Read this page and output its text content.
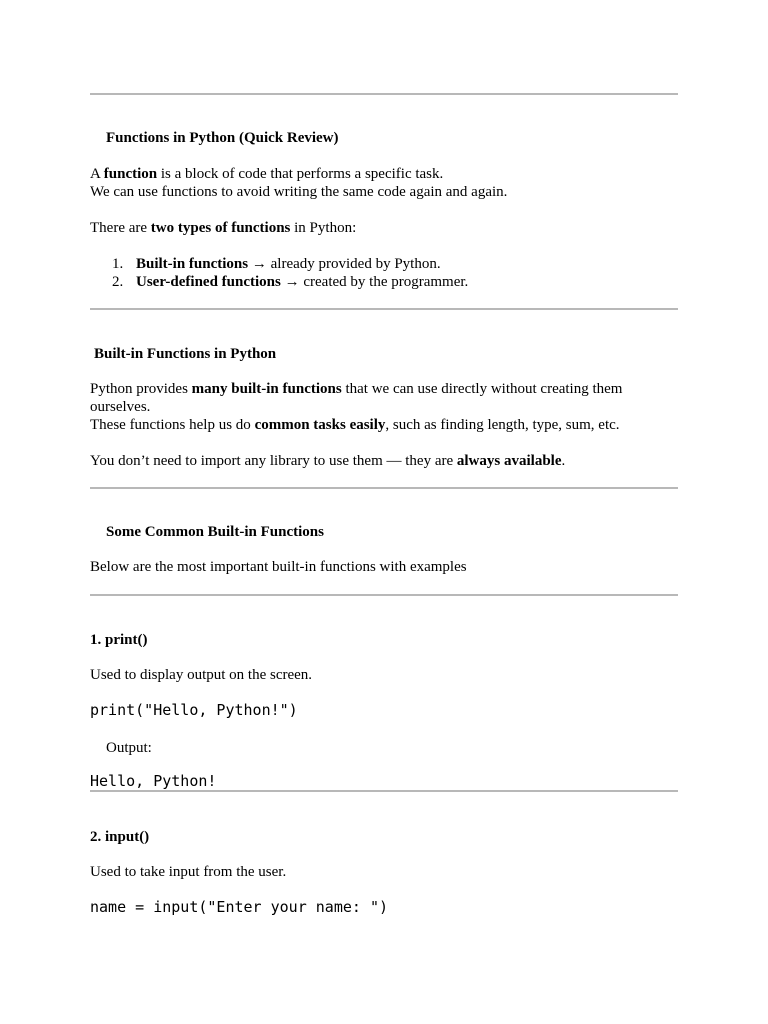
Functions in Python (Quick Review)
A function is a block of code that performs a specific task.
We can use functions to avoid writing the same code again and again.
There are two types of functions in Python:
1. Built-in functions → already provided by Python.
2. User-defined functions → created by the programmer.
Built-in Functions in Python
Python provides many built-in functions that we can use directly without creating them
ourselves.
These functions help us do common tasks easily, such as finding length, type, sum, etc.
You don’t need to import any library to use them — they are always available.
Some Common Built-in Functions
Below are the most important built-in functions with examples
1. print()
Used to display output on the screen.
print("Hello, Python!")
Output:
Hello, Python!
2. input()
Used to take input from the user.
name = input("Enter your name: ")
